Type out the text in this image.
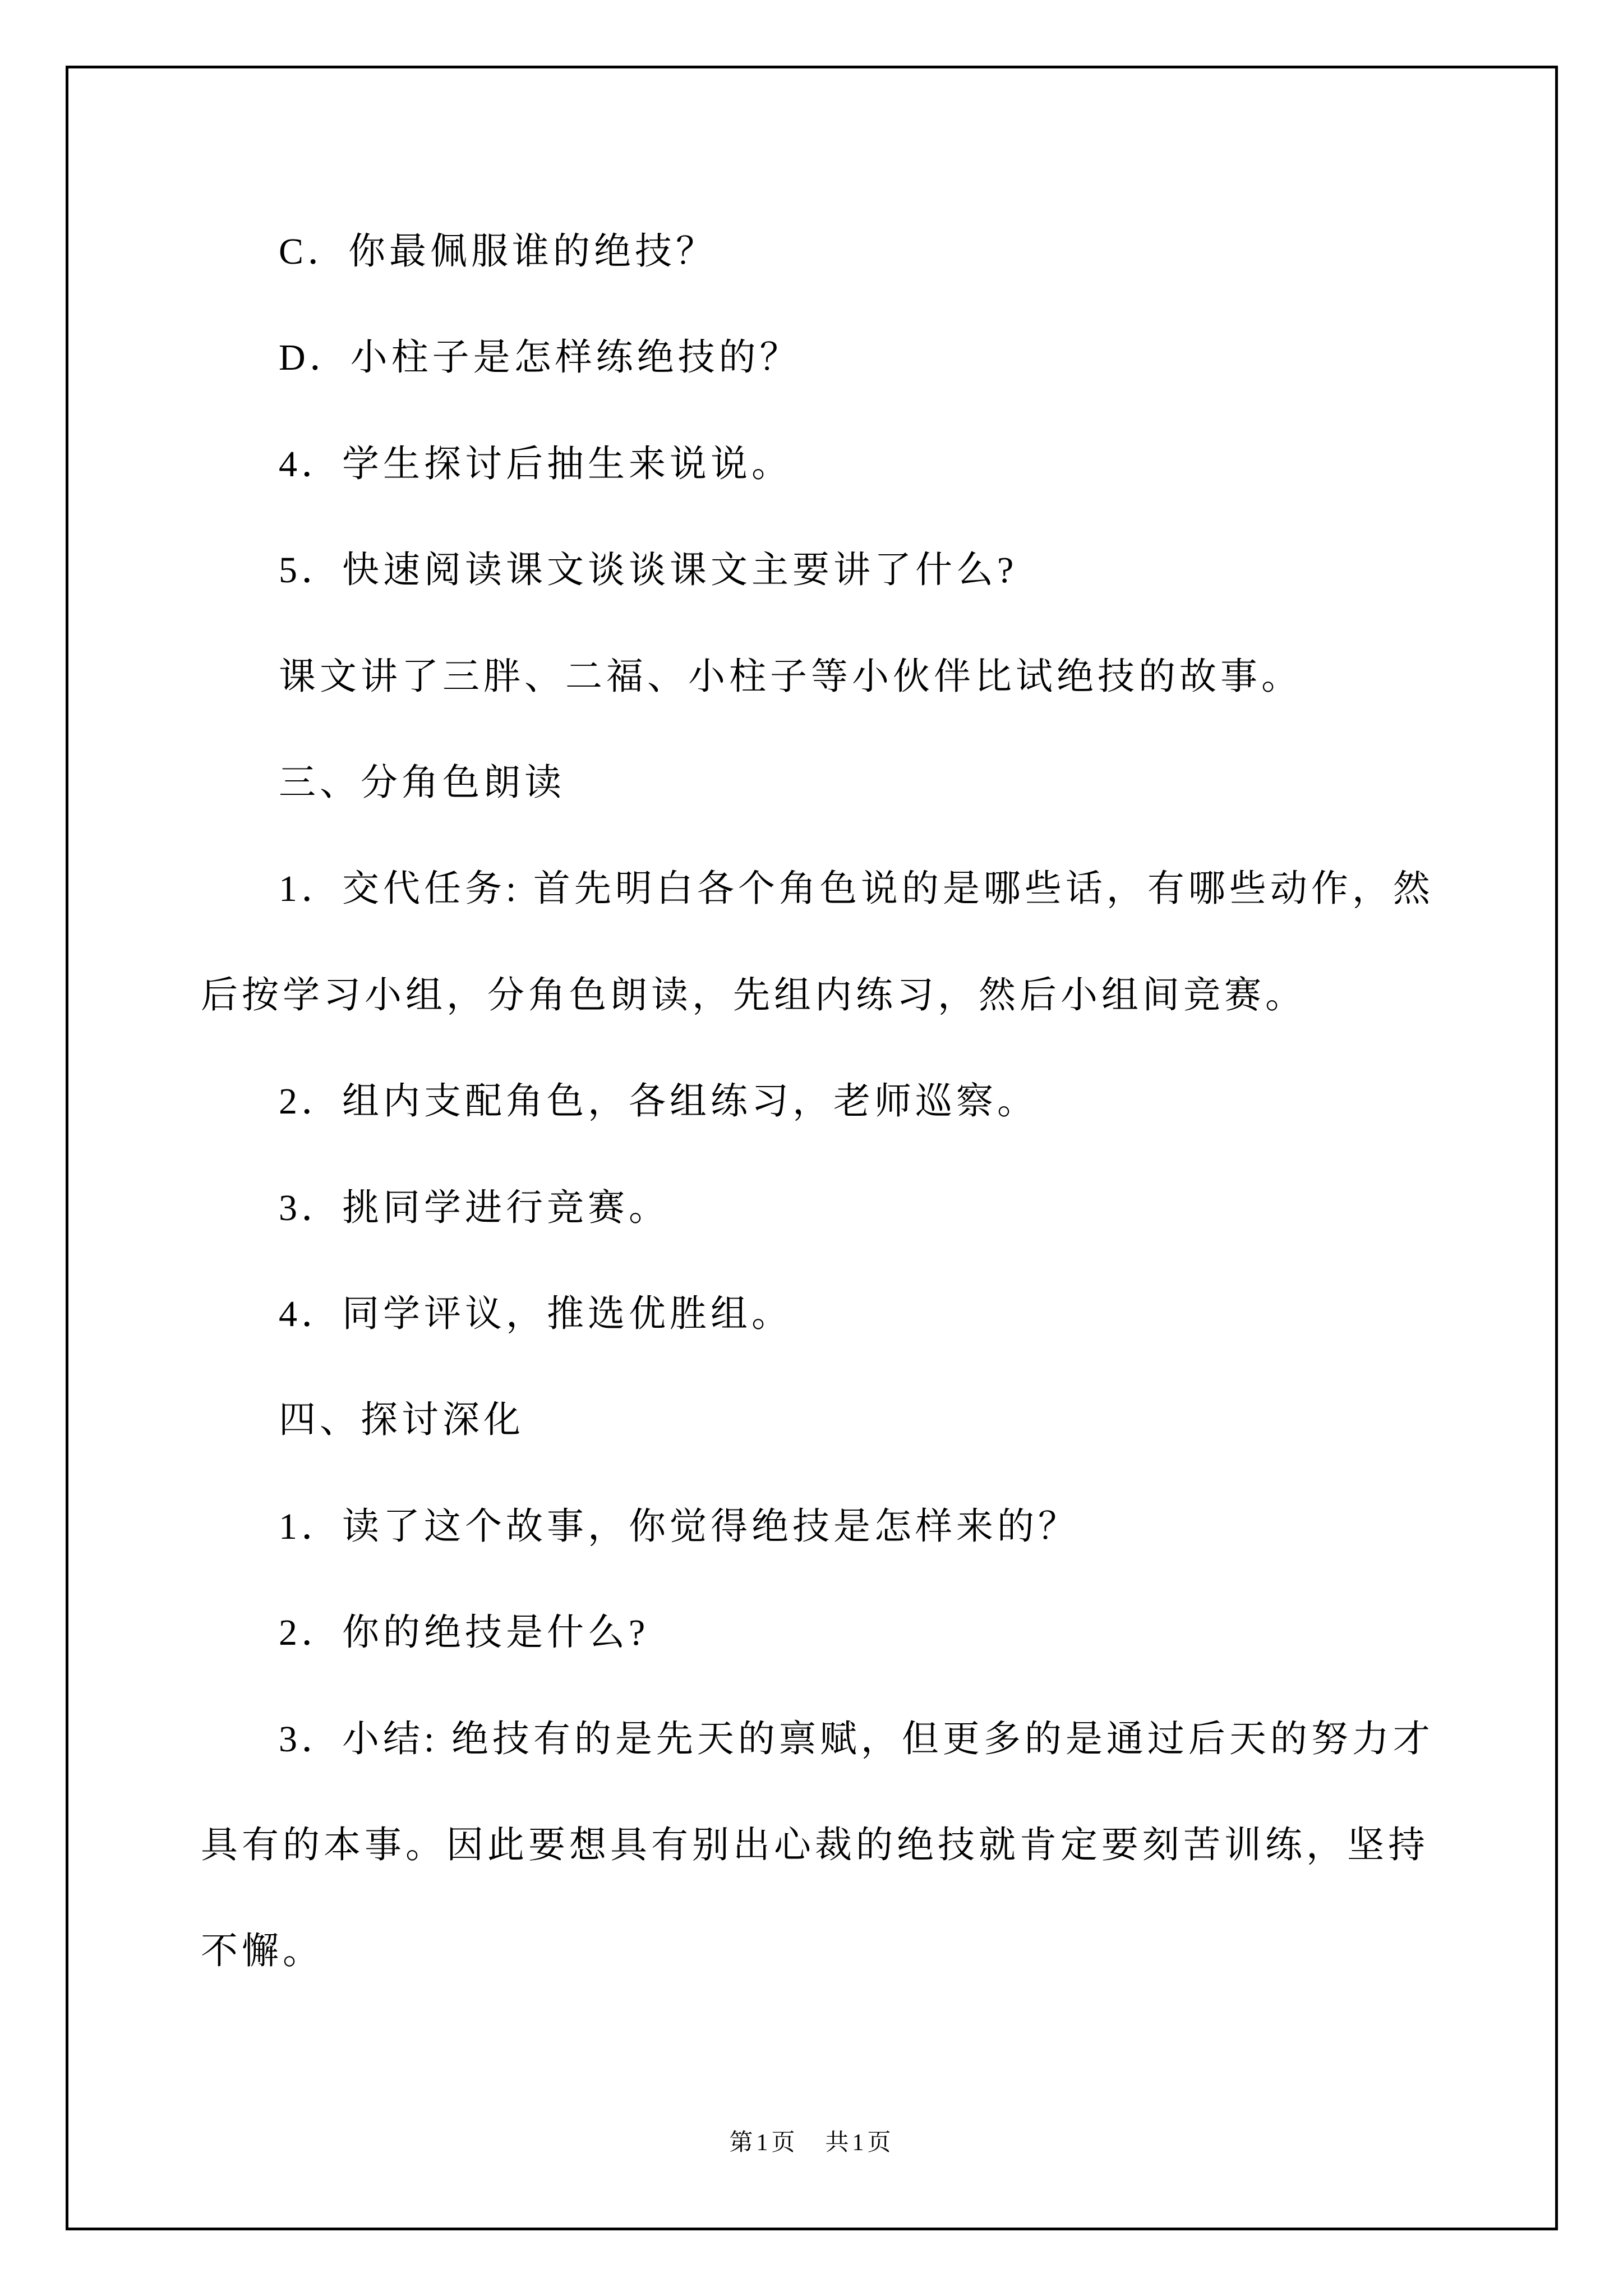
第1页　共1页
C．你最佩服谁的绝技？
D．小柱子是怎样练绝技的？
4．学生探讨后抽生来说说。
5．快速阅读课文谈谈课文主要讲了什么?
课文讲了三胖、二福、小柱子等小伙伴比试绝技的故事。
三、分角色朗读
1．交代任务: 首先明白各个角色说的是哪些话，有哪些动作，然
后按学习小组，分角色朗读，先组内练习，然后小组间竞赛。
2．组内支配角色，各组练习，老师巡察。
3．挑同学进行竞赛。
4．同学评议，推选优胜组。
四、探讨深化
1．读了这个故事，你觉得绝技是怎样来的？
2．你的绝技是什么?
3．小结: 绝技有的是先天的禀赋，但更多的是通过后天的努力才
具有的本事。因此要想具有别出心裁的绝技就肯定要刻苦训练，坚持
不懈。
